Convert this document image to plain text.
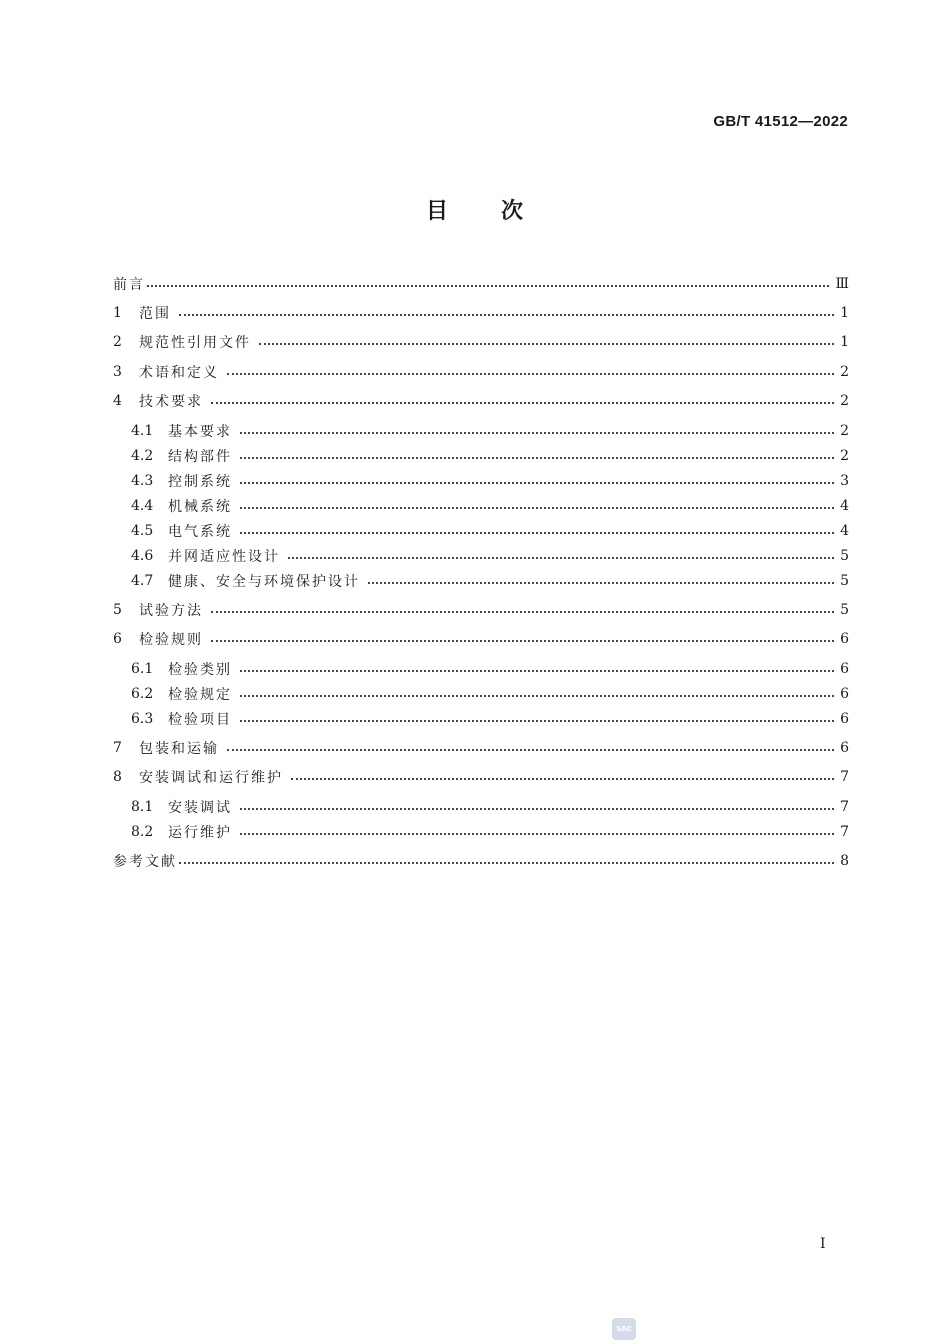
GB/T 41512—2022
目 次
前言	Ⅲ
1	范围	1
2	规范性引用文件	1
3	术语和定义	2
4	技术要求	2
4.1	基本要求	2
4.2	结构部件	2
4.3	控制系统	3
4.4	机械系统	4
4.5	电气系统	4
4.6	并网适应性设计	5
4.7	健康、安全与环境保护设计	5
5	试验方法	5
6	检验规则	6
6.1	检验类别	6
6.2	检验规定	6
6.3	检验项目	6
7	包装和运输	6
8	安装调试和运行维护	7
8.1	安装调试	7
8.2	运行维护	7
参考文献	8
I
SAC
